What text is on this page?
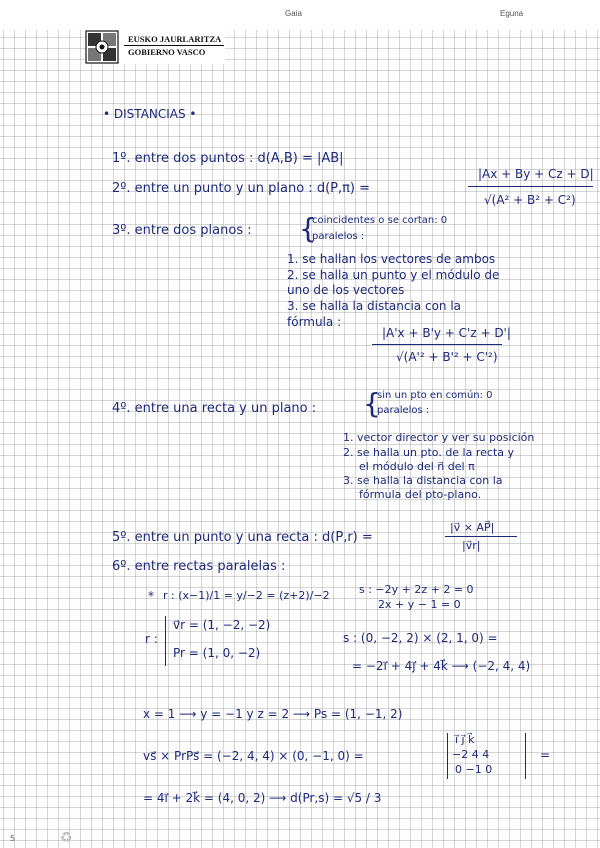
Gaia	Eguna
EUSKO JAURLARITZA
GOBIERNO VASCO
• DISTANCIAS •
1º. entre dos puntos : d(A,B) = |AB|
2º. entre un punto y un plano : d(P,π) =
|Ax + By + Cz + D|
√(A² + B² + C²)
3º. entre dos planos : {
coincidentes o se cortan: 0
paralelos :
1. se hallan los vectores de ambos
2. se halla un punto y el módulo de
uno de los vectores
3. se halla la distancia con la
fórmula :
|A'x + B'y + C'z + D'|
√(A'² + B'² + C'²)
4º. entre una recta y un plano : {
sin un pto en común: 0
paralelos :
1. vector director y ver su posición
2. se halla un pto. de la recta y
el módulo del n⃗ del π
3. se halla la distancia con la
fórmula del pto-plano.
5º. entre un punto y una recta : d(P,r) =
|v⃗ × AP⃗|
|v⃗r|
6º. entre rectas paralelas :
* r : (x−1)/1 = y/−2 = (z+2)/−2	s : −2y + 2z + 2 = 0
2x + y − 1 = 0
r :
v⃗r = (1, −2, −2)
Pr = (1, 0, −2)
s : (0, −2, 2) × (2, 1, 0) =
= −2i⃗ + 4j⃗ + 4k⃗ ⟶ (−2, 4, 4)
x = 1 ⟶ y = −1 y z = 2 ⟶ Ps = (1, −1, 2)
vs⃗ × PrPs⃗ = (−2, 4, 4) × (0, −1, 0) =
i⃗ j⃗ k⃗
−2 4 4
0 −1 0
=
= 4i⃗ + 2k⃗ = (4, 0, 2) ⟶ d(Pr,s) = √5 / 3
5	♻
